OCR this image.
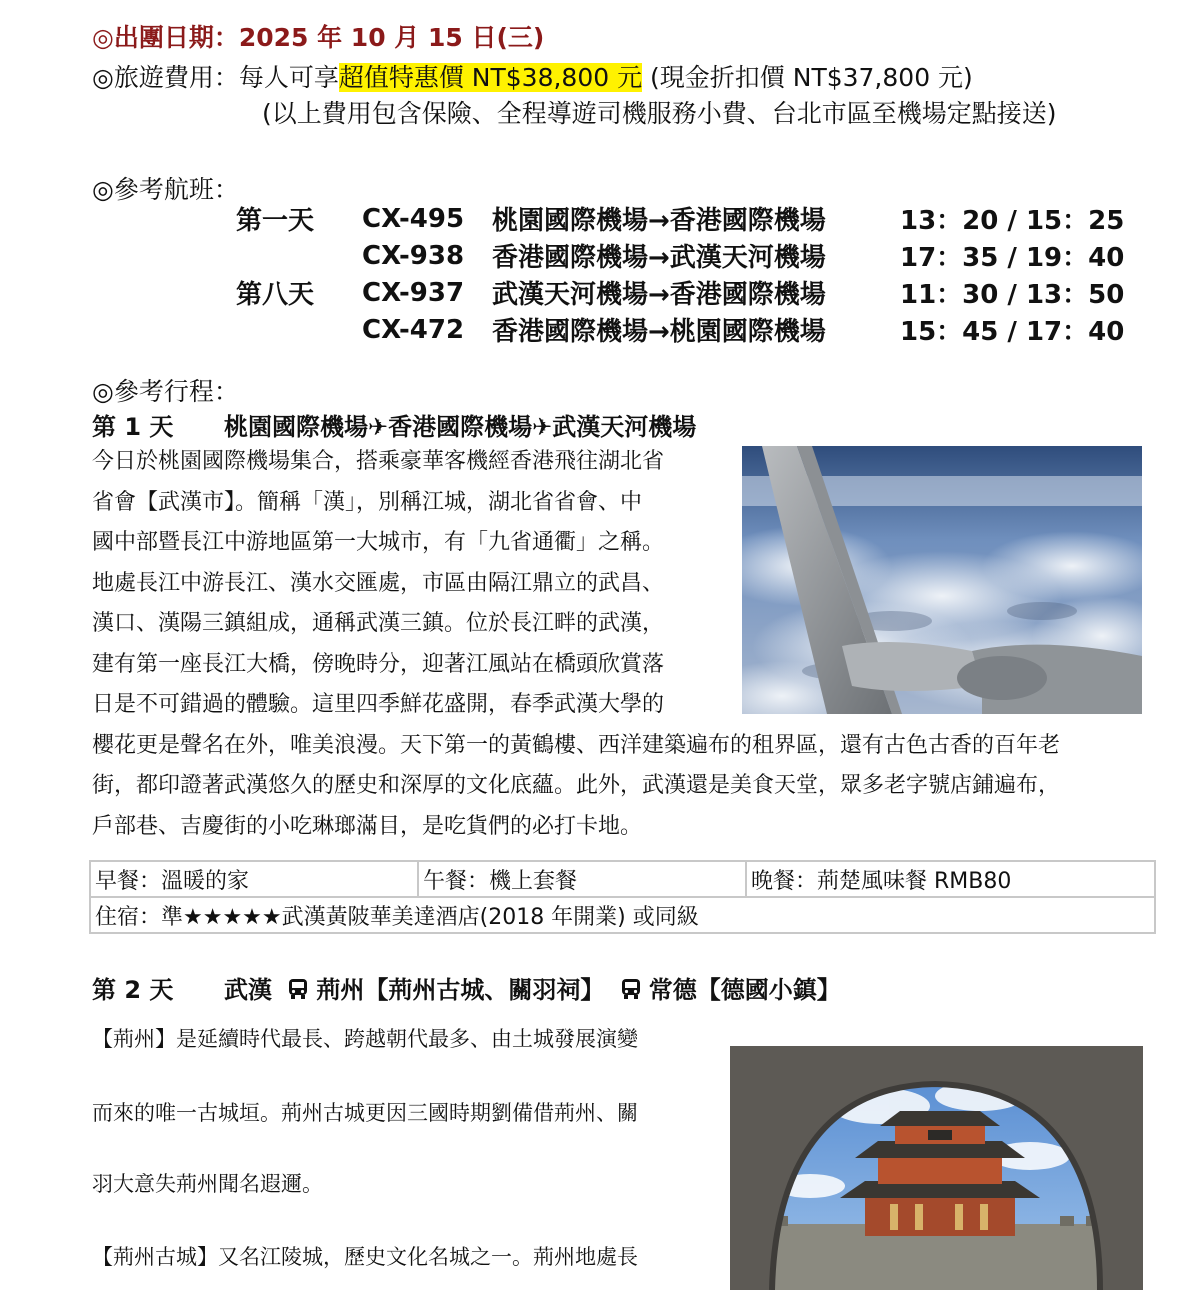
◎出團日期：2025 年 10 月 15 日(三)
◎旅遊費用：每人可享超值特惠價 NT$38,800 元 (現金折扣價 NT$37,800 元)
(以上費用包含保險、全程導遊司機服務小費、台北市區至機場定點接送)
◎參考航班：
第一天	CX-495	桃園國際機場→香港國際機場	13：20 / 15：25
	CX-938	香港國際機場→武漢天河機場	17：35 / 19：40
第八天	CX-937	武漢天河機場→香港國際機場	11：30 / 13：50
	CX-472	香港國際機場→桃園國際機場	15：45 / 17：40
◎參考行程：
第 1 天 桃園國際機場✈香港國際機場✈武漢天河機場
今日於桃園國際機場集合，搭乘豪華客機經香港飛往湖北省
省會【武漢市】。簡稱「漢」，別稱江城，湖北省省會、中
國中部暨長江中游地區第一大城市，有「九省通衢」之稱。
地處長江中游長江、漢水交匯處，市區由隔江鼎立的武昌、
漢口、漢陽三鎮組成，通稱武漢三鎮。位於長江畔的武漢，
建有第一座長江大橋，傍晚時分，迎著江風站在橋頭欣賞落
日是不可錯過的體驗。這里四季鮮花盛開，春季武漢大學的
櫻花更是聲名在外，唯美浪漫。天下第一的黃鶴樓、西洋建築遍布的租界區，還有古色古香的百年老
街，都印證著武漢悠久的歷史和深厚的文化底蘊。此外，武漢還是美食天堂，眾多老字號店鋪遍布，
戶部巷、吉慶街的小吃琳瑯滿目，是吃貨們的必打卡地。
早餐：溫暖的家	午餐：機上套餐	晚餐：荊楚風味餐 RMB80
住宿：準★★★★★武漢黃陂華美達酒店(2018 年開業) 或同級
第 2 天 武漢 荊州【荊州古城、關羽祠】 常德【德國小鎮】
【荊州】是延續時代最長、跨越朝代最多、由土城發展演變
而來的唯一古城垣。荊州古城更因三國時期劉備借荊州、關
羽大意失荊州聞名遐邇。
【荊州古城】又名江陵城，歷史文化名城之一。荊州地處長
